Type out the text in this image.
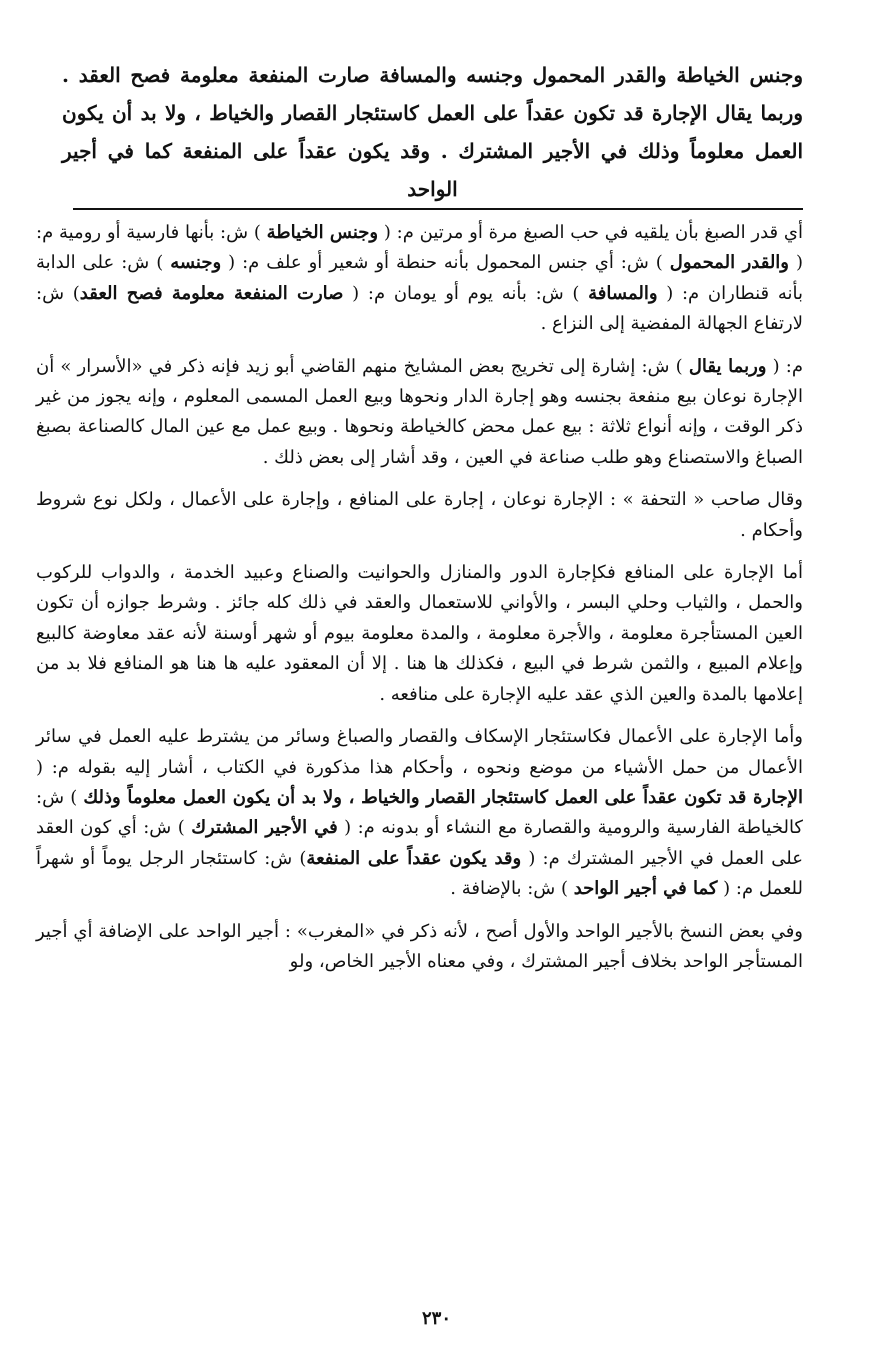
وجنس الخياطة والقدر المحمول وجنسه والمسافة صارت المنفعة معلومة فصح العقد . وربما يقال الإجارة قد تكون عقداً على العمل كاستئجار القصار والخياط ، ولا بد أن يكون العمل معلوماً وذلك في الأجير المشترك . وقد يكون عقداً على المنفعة كما في أجير الواحد

أي قدر الصبغ بأن يلقيه في حب الصبغ مرة أو مرتين م: ( وجنس الخياطة ) ش: بأنها فارسية أو رومية م: ( والقدر المحمول ) ش: أي جنس المحمول بأنه حنطة أو شعير أو علف م: ( وجنسه ) ش: على الدابة بأنه قنطاران م: ( والمسافة ) ش: بأنه يوم أو يومان م: ( صارت المنفعة معلومة فصح العقد) ش: لارتفاع الجهالة المفضية إلى النزاع .

م: ( وربما يقال ) ش: إشارة إلى تخريج بعض المشايخ منهم القاضي أبو زيد فإنه ذكر في «الأسرار » أن الإجارة نوعان بيع منفعة بجنسه وهو إجارة الدار ونحوها وبيع العمل المسمى المعلوم ، وإنه يجوز من غير ذكر الوقت ، وإنه أنواع ثلاثة : بيع عمل محض كالخياطة ونحوها . وبيع عمل مع عين المال كالصناعة بصبغ الصباغ والاستصناع وهو طلب صناعة في العين ، وقد أشار إلى بعض ذلك .

وقال صاحب « التحفة » : الإجارة نوعان ، إجارة على المنافع ، وإجارة على الأعمال ، ولكل نوع شروط وأحكام .

أما الإجارة على المنافع فكإجارة الدور والمنازل والحوانيت والصناع وعبيد الخدمة ، والدواب للركوب والحمل ، والثياب وحلي البسر ، والأواني للاستعمال والعقد في ذلك كله جائز . وشرط جوازه أن تكون العين المستأجرة معلومة ، والأجرة معلومة ، والمدة معلومة بيوم أو شهر أوسنة لأنه عقد معاوضة كالبيع وإعلام المبيع ، والثمن شرط في البيع ، فكذلك ها هنا . إلا أن المعقود عليه ها هنا هو المنافع فلا بد من إعلامها بالمدة والعين الذي عقد عليه الإجارة على منافعه .

وأما الإجارة على الأعمال فكاستئجار الإسكاف والقصار والصباغ وسائر من يشترط عليه العمل في سائر الأعمال من حمل الأشياء من موضع ونحوه ، وأحكام هذا مذكورة في الكتاب ، أشار إليه بقوله م: ( الإجارة قد تكون عقداً على العمل كاستئجار القصار والخياط ، ولا بد أن يكون العمل معلوماً وذلك ) ش: كالخياطة الفارسية والرومية والقصارة مع النشاء أو بدونه م: ( في الأجير المشترك ) ش: أي كون العقد على العمل في الأجير المشترك م: ( وقد يكون عقداً على المنفعة) ش: كاستئجار الرجل يوماً أو شهراً للعمل م: ( كما في أجير الواحد ) ش: بالإضافة .

وفي بعض النسخ بالأجير الواحد والأول أصح ، لأنه ذكر في «المغرب» : أجير الواحد على الإضافة أي أجير المستأجر الواحد بخلاف أجير المشترك ، وفي معناه الأجير الخاص، ولو

٢٣٠
